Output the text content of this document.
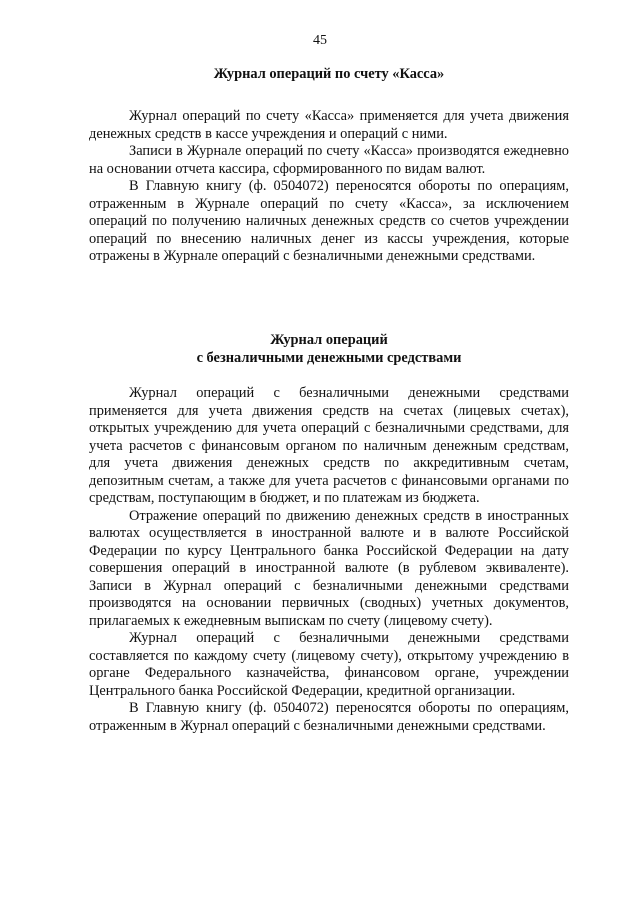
45
Журнал операций по счету «Касса»

Журнал операций по счету «Касса» применяется для учета движения денежных средств в кассе учреждения и операций с ними.

Записи в Журнале операций по счету «Касса» производятся ежедневно на основании отчета кассира, сформированного по видам валют.

В Главную книгу (ф. 0504072) переносятся обороты по операциям, отраженным в Журнале операций по счету «Касса», за исключением операций по получению наличных денежных средств со счетов учреждении операций по внесению наличных денег из кассы учреждения, которые отражены в Журнале операций с безналичными денежными средствами.

Журнал операций
с безналичными денежными средствами

Журнал операций с безналичными денежными средствами применяется для учета движения средств на счетах (лицевых счетах), открытых учреждению для учета операций с безналичными средствами, для учета расчетов с финансовым органом по наличным денежным средствам, для учета движения денежных средств по аккредитивным счетам, депозитным счетам, а также для учета расчетов с финансовыми органами по средствам, поступающим в бюджет, и по платежам из бюджета.

Отражение операций по движению денежных средств в иностранных валютах осуществляется в иностранной валюте и в валюте Российской Федерации по курсу Центрального банка Российской Федерации на дату совершения операций в иностранной валюте (в рублевом эквиваленте). Записи в Журнал операций с безналичными денежными средствами производятся на основании первичных (сводных) учетных документов, прилагаемых к ежедневным выпискам по счету (лицевому счету).

Журнал операций с безналичными денежными средствами составляется по каждому счету (лицевому счету), открытому учреждению в органе Федерального казначейства, финансовом органе, учреждении Центрального банка Российской Федерации, кредитной организации.

В Главную книгу (ф. 0504072) переносятся обороты по операциям, отраженным в Журнал операций с безналичными денежными средствами.
